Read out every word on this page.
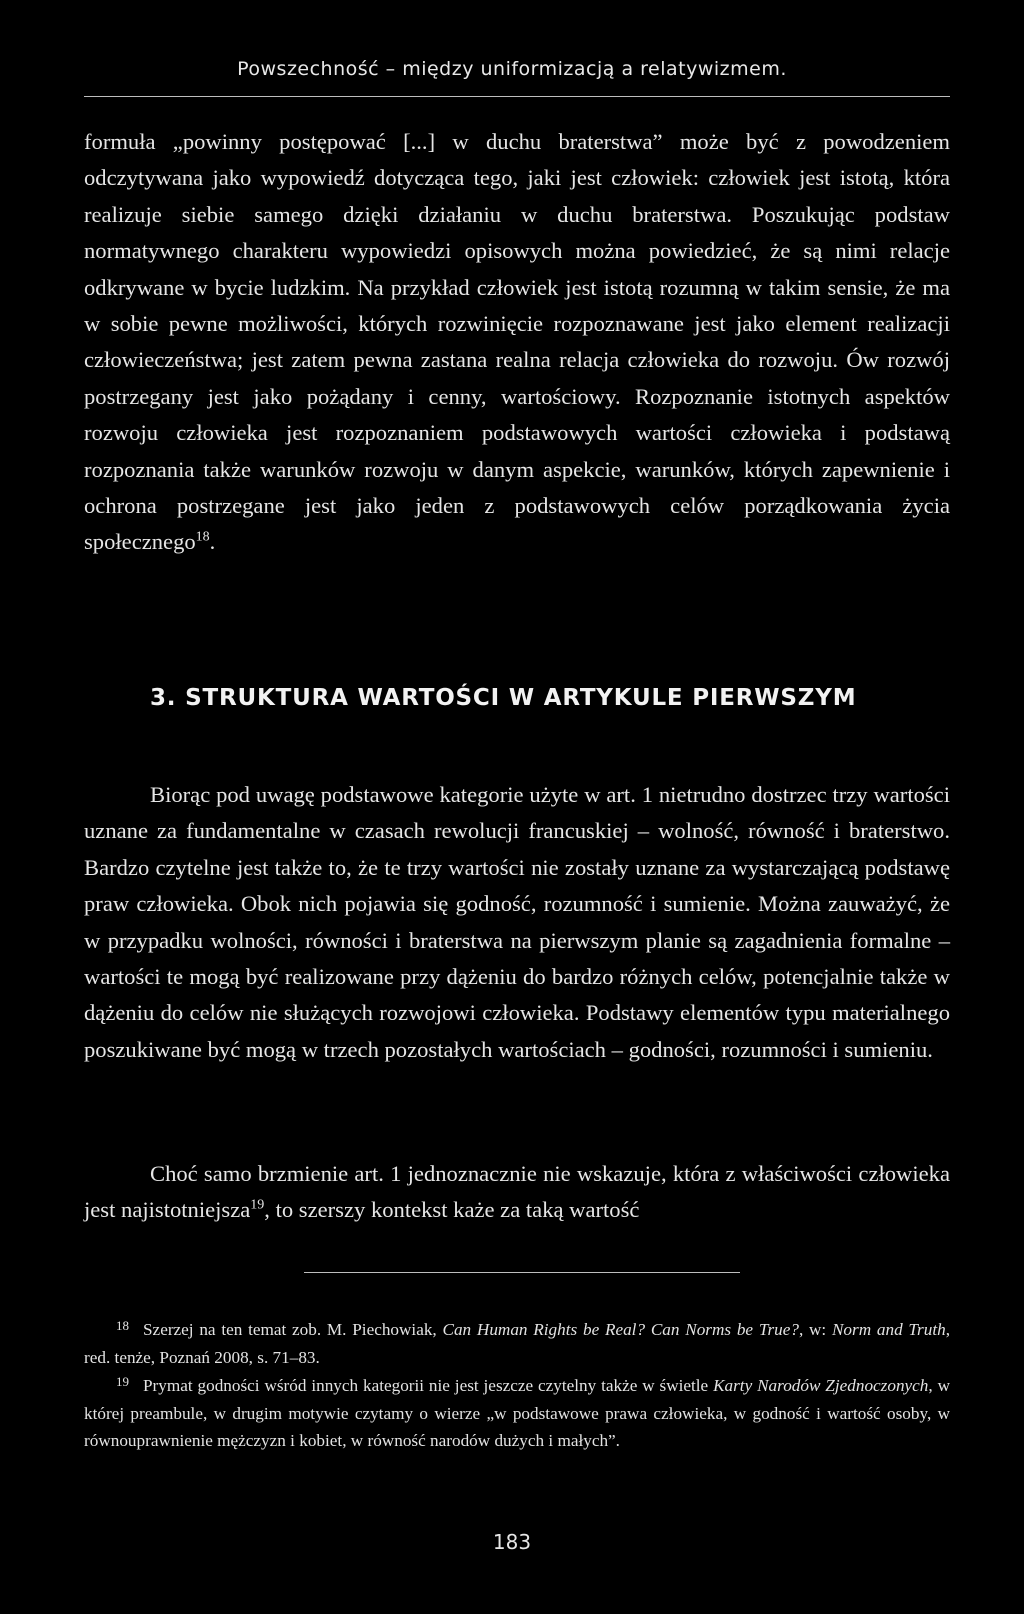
Powszechność – między uniformizacją a relatywizmem.
formuła „powinny postępować [...] w duchu braterstwa” może być z powodzeniem odczytywana jako wypowiedź dotycząca tego, jaki jest człowiek: człowiek jest istotą, która realizuje siebie samego dzięki działaniu w duchu braterstwa. Poszukując podstaw normatywnego charakteru wypowiedzi opisowych można powiedzieć, że są nimi relacje odkrywane w bycie ludzkim. Na przykład człowiek jest istotą rozumną w takim sensie, że ma w sobie pewne możliwości, których rozwinięcie rozpoznawane jest jako element realizacji człowieczeństwa; jest zatem pewna zastana realna relacja człowieka do rozwoju. Ów rozwój postrzegany jest jako pożądany i cenny, wartościowy. Rozpoznanie istotnych aspektów rozwoju człowieka jest rozpoznaniem podstawowych wartości człowieka i podstawą rozpoznania także warunków rozwoju w danym aspekcie, warunków, których zapewnienie i ochrona postrzegane jest jako jeden z podstawowych celów porządkowania życia społecznego$^{18}$.
3. STRUKTURA WARTOŚCI W ARTYKULE PIERWSZYM
Biorąc pod uwagę podstawowe kategorie użyte w art. 1 nietrudno dostrzec trzy wartości uznane za fundamentalne w czasach rewolucji francuskiej – wolność, równość i braterstwo. Bardzo czytelne jest także to, że te trzy wartości nie zostały uznane za wystarczającą podstawę praw człowieka. Obok nich pojawia się godność, rozumność i sumienie. Można zauważyć, że w przypadku wolności, równości i braterstwa na pierwszym planie są zagadnienia formalne – wartości te mogą być realizowane przy dążeniu do bardzo różnych celów, potencjalnie także w dążeniu do celów nie służących rozwojowi człowieka. Podstawy elementów typu materialnego poszukiwane być mogą w trzech pozostałych wartościach – godności, rozumności i sumieniu.
Choć samo brzmienie art. 1 jednoznacznie nie wskazuje, która z właściwości człowieka jest najistotniejsza$^{19}$, to szerszy kontekst każe za taką wartość
$^{18}$ Szerzej na ten temat zob. M. Piechowiak, Can Human Rights be Real? Can Norms be True?, w: Norm and Truth, red. tenże, Poznań 2008, s. 71–83.
$^{19}$ Prymat godności wśród innych kategorii nie jest jeszcze czytelny także w świetle Karty Narodów Zjednoczonych, w której preambule, w drugim motywie czytamy o wierze „w podstawowe prawa człowieka, w godność i wartość osoby, w równouprawnienie mężczyzn i kobiet, w równość narodów dużych i małych”.
183
